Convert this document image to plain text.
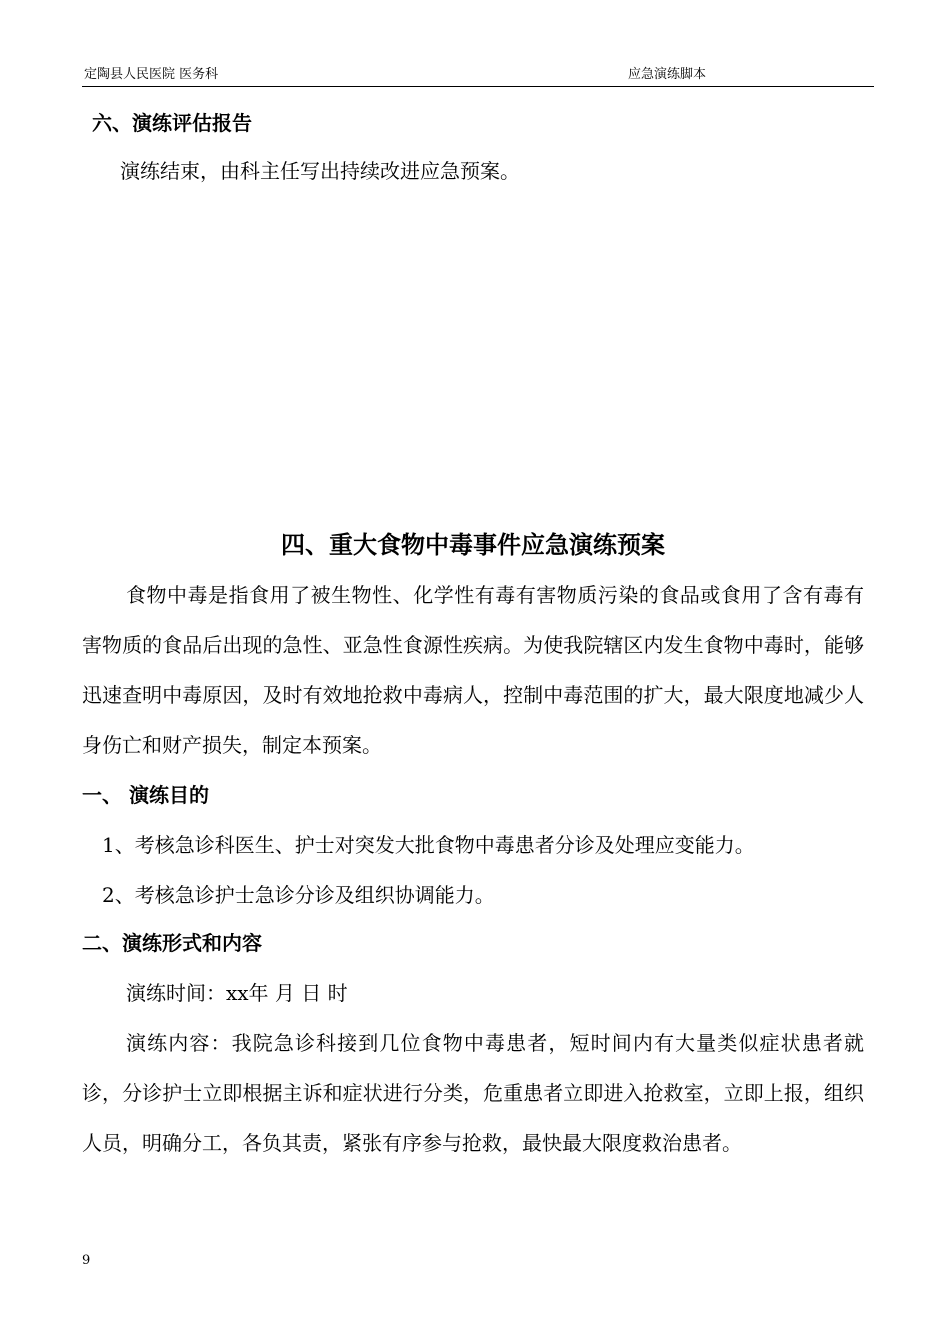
定陶县人民医院 医务科	应急演练脚本

六、演练评估报告

演练结束，由科主任写出持续改进应急预案。

四、重大食物中毒事件应急演练预案

食物中毒是指食用了被生物性、化学性有毒有害物质污染的食品或食用了含有毒有害物质的食品后出现的急性、亚急性食源性疾病。为使我院辖区内发生食物中毒时，能够迅速查明中毒原因，及时有效地抢救中毒病人，控制中毒范围的扩大，最大限度地减少人身伤亡和财产损失，制定本预案。

一、 演练目的

1、考核急诊科医生、护士对突发大批食物中毒患者分诊及处理应变能力。

2、考核急诊护士急诊分诊及组织协调能力。

二、演练形式和内容

演练时间：xx年 月 日 时

演练内容：我院急诊科接到几位食物中毒患者，短时间内有大量类似症状患者就诊，分诊护士立即根据主诉和症状进行分类，危重患者立即进入抢救室，立即上报，组织人员，明确分工，各负其责，紧张有序参与抢救，最快最大限度救治患者。

9
